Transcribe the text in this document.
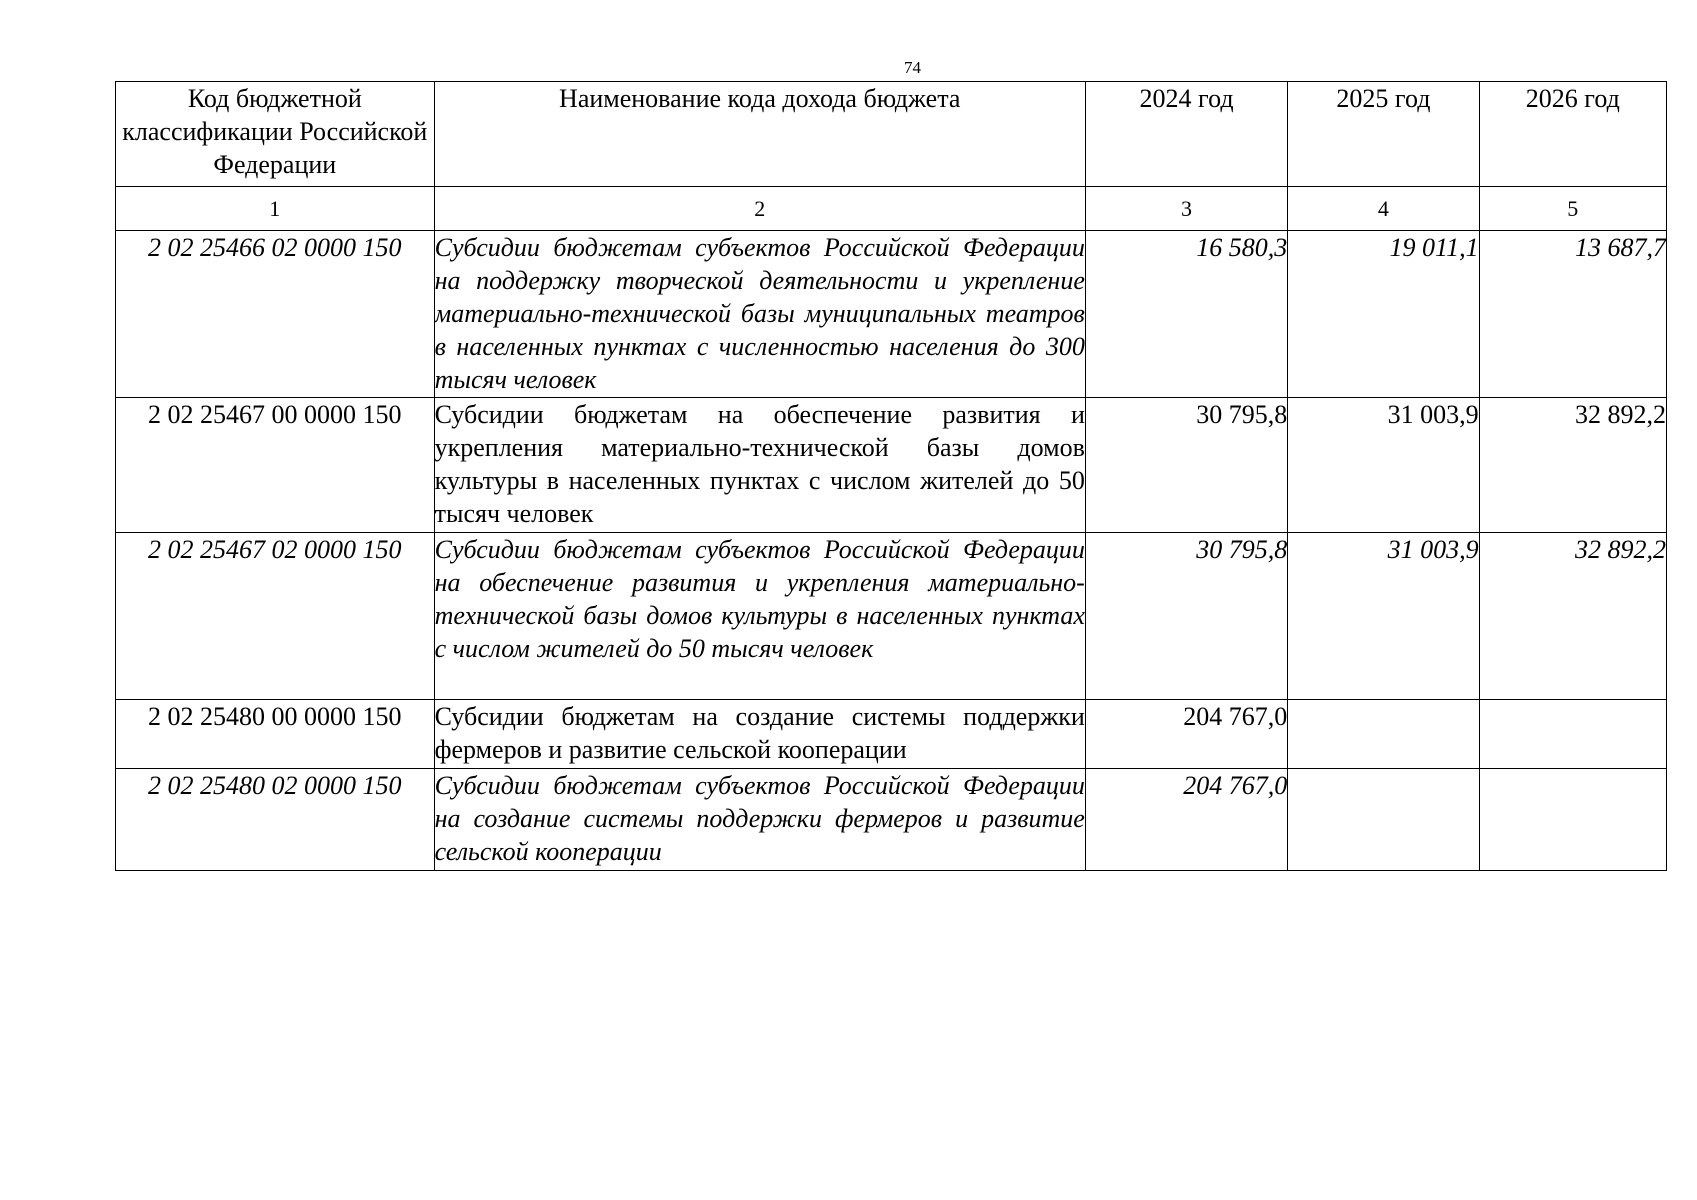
74
Код бюджетной классификации Российской Федерации	Наименование кода дохода бюджета	2024 год	2025 год	2026 год
1	2	3	4	5
2 02 25466 02 0000 150	Субсидии бюджетам субъектов Российской Федерации на поддержку творческой деятельности и укрепление материально-технической базы муниципальных театров в населенных пунктах с численностью населения до 300 тысяч человек	16 580,3	19 011,1	13 687,7
2 02 25467 00 0000 150	Субсидии бюджетам на обеспечение развития и укрепления материально-технической базы домов культуры в населенных пунктах с числом жителей до 50 тысяч человек	30 795,8	31 003,9	32 892,2
2 02 25467 02 0000 150	Субсидии бюджетам субъектов Российской Федерации на обеспечение развития и укрепления материально-технической базы домов культуры в населенных пунктах с числом жителей до 50 тысяч человек	30 795,8	31 003,9	32 892,2
2 02 25480 00 0000 150	Субсидии бюджетам на создание системы поддержки фермеров и развитие сельской кооперации	204 767,0		
2 02 25480 02 0000 150	Субсидии бюджетам субъектов Российской Федерации на создание системы поддержки фермеров и развитие сельской кооперации	204 767,0		
